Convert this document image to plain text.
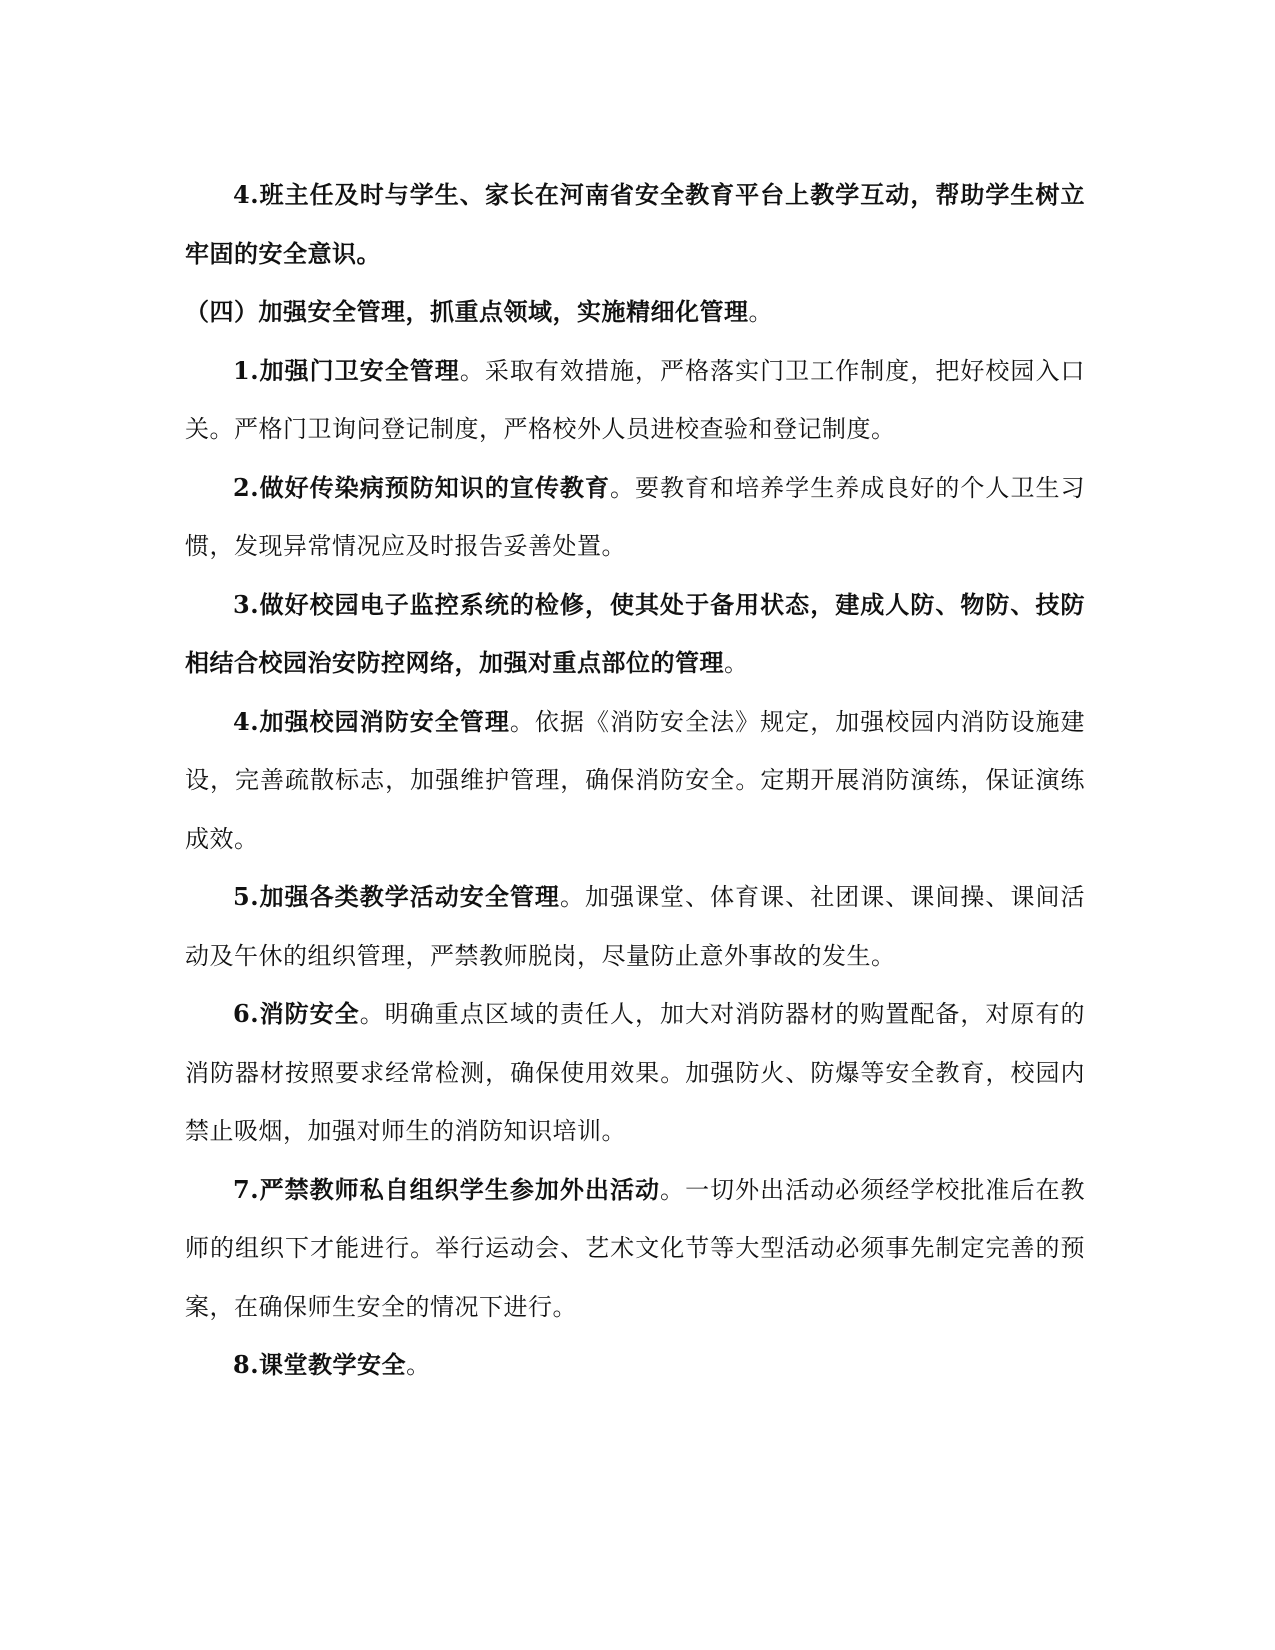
4.班主任及时与学生、家长在河南省安全教育平台上教学互动，帮助学生树立牢固的安全意识。

（四）加强安全管理，抓重点领域，实施精细化管理。

1.加强门卫安全管理。采取有效措施，严格落实门卫工作制度，把好校园入口关。严格门卫询问登记制度，严格校外人员进校查验和登记制度。

2.做好传染病预防知识的宣传教育。要教育和培养学生养成良好的个人卫生习惯，发现异常情况应及时报告妥善处置。

3.做好校园电子监控系统的检修，使其处于备用状态，建成人防、物防、技防相结合校园治安防控网络，加强对重点部位的管理。

4.加强校园消防安全管理。依据《消防安全法》规定，加强校园内消防设施建设，完善疏散标志，加强维护管理，确保消防安全。定期开展消防演练，保证演练成效。

5.加强各类教学活动安全管理。加强课堂、体育课、社团课、课间操、课间活动及午休的组织管理，严禁教师脱岗，尽量防止意外事故的发生。

6.消防安全。明确重点区域的责任人，加大对消防器材的购置配备，对原有的消防器材按照要求经常检测，确保使用效果。加强防火、防爆等安全教育，校园内禁止吸烟，加强对师生的消防知识培训。

7.严禁教师私自组织学生参加外出活动。一切外出活动必须经学校批准后在教师的组织下才能进行。举行运动会、艺术文化节等大型活动必须事先制定完善的预案，在确保师生安全的情况下进行。

8.课堂教学安全。
